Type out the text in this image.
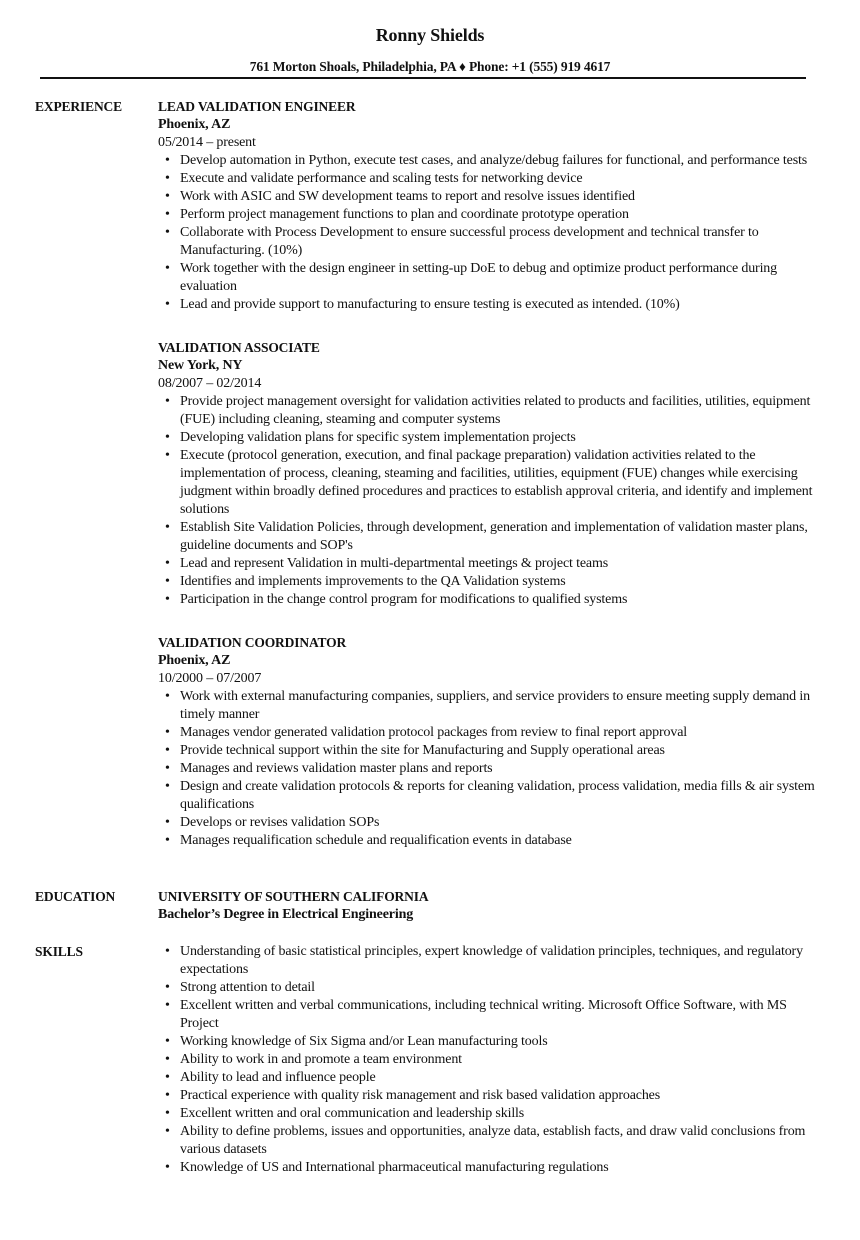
Ronny Shields
761 Morton Shoals, Philadelphia, PA ♦ Phone: +1 (555) 919 4617
EXPERIENCE	LEAD VALIDATION ENGINEER
Phoenix, AZ
05/2014 – present
• Develop automation in Python, execute test cases, and analyze/debug failures for functional, and performance tests
• Execute and validate performance and scaling tests for networking device
• Work with ASIC and SW development teams to report and resolve issues identified
• Perform project management functions to plan and coordinate prototype operation
• Collaborate with Process Development to ensure successful process development and technical transfer to Manufacturing. (10%)
• Work together with the design engineer in setting-up DoE to debug and optimize product performance during evaluation
• Lead and provide support to manufacturing to ensure testing is executed as intended. (10%)
VALIDATION ASSOCIATE
New York, NY
08/2007 – 02/2014
• Provide project management oversight for validation activities related to products and facilities, utilities, equipment (FUE) including cleaning, steaming and computer systems
• Developing validation plans for specific system implementation projects
• Execute (protocol generation, execution, and final package preparation) validation activities related to the implementation of process, cleaning, steaming and facilities, utilities, equipment (FUE) changes while exercising judgment within broadly defined procedures and practices to establish approval criteria, and identify and implement solutions
• Establish Site Validation Policies, through development, generation and implementation of validation master plans, guideline documents and SOP's
• Lead and represent Validation in multi-departmental meetings & project teams
• Identifies and implements improvements to the QA Validation systems
• Participation in the change control program for modifications to qualified systems
VALIDATION COORDINATOR
Phoenix, AZ
10/2000 – 07/2007
• Work with external manufacturing companies, suppliers, and service providers to ensure meeting supply demand in timely manner
• Manages vendor generated validation protocol packages from review to final report approval
• Provide technical support within the site for Manufacturing and Supply operational areas
• Manages and reviews validation master plans and reports
• Design and create validation protocols & reports for cleaning validation, process validation, media fills & air system qualifications
• Develops or revises validation SOPs
• Manages requalification schedule and requalification events in database
EDUCATION	UNIVERSITY OF SOUTHERN CALIFORNIA
Bachelor’s Degree in Electrical Engineering
SKILLS	• Understanding of basic statistical principles, expert knowledge of validation principles, techniques, and regulatory expectations
• Strong attention to detail
• Excellent written and verbal communications, including technical writing. Microsoft Office Software, with MS Project
• Working knowledge of Six Sigma and/or Lean manufacturing tools
• Ability to work in and promote a team environment
• Ability to lead and influence people
• Practical experience with quality risk management and risk based validation approaches
• Excellent written and oral communication and leadership skills
• Ability to define problems, issues and opportunities, analyze data, establish facts, and draw valid conclusions from various datasets
• Knowledge of US and International pharmaceutical manufacturing regulations
